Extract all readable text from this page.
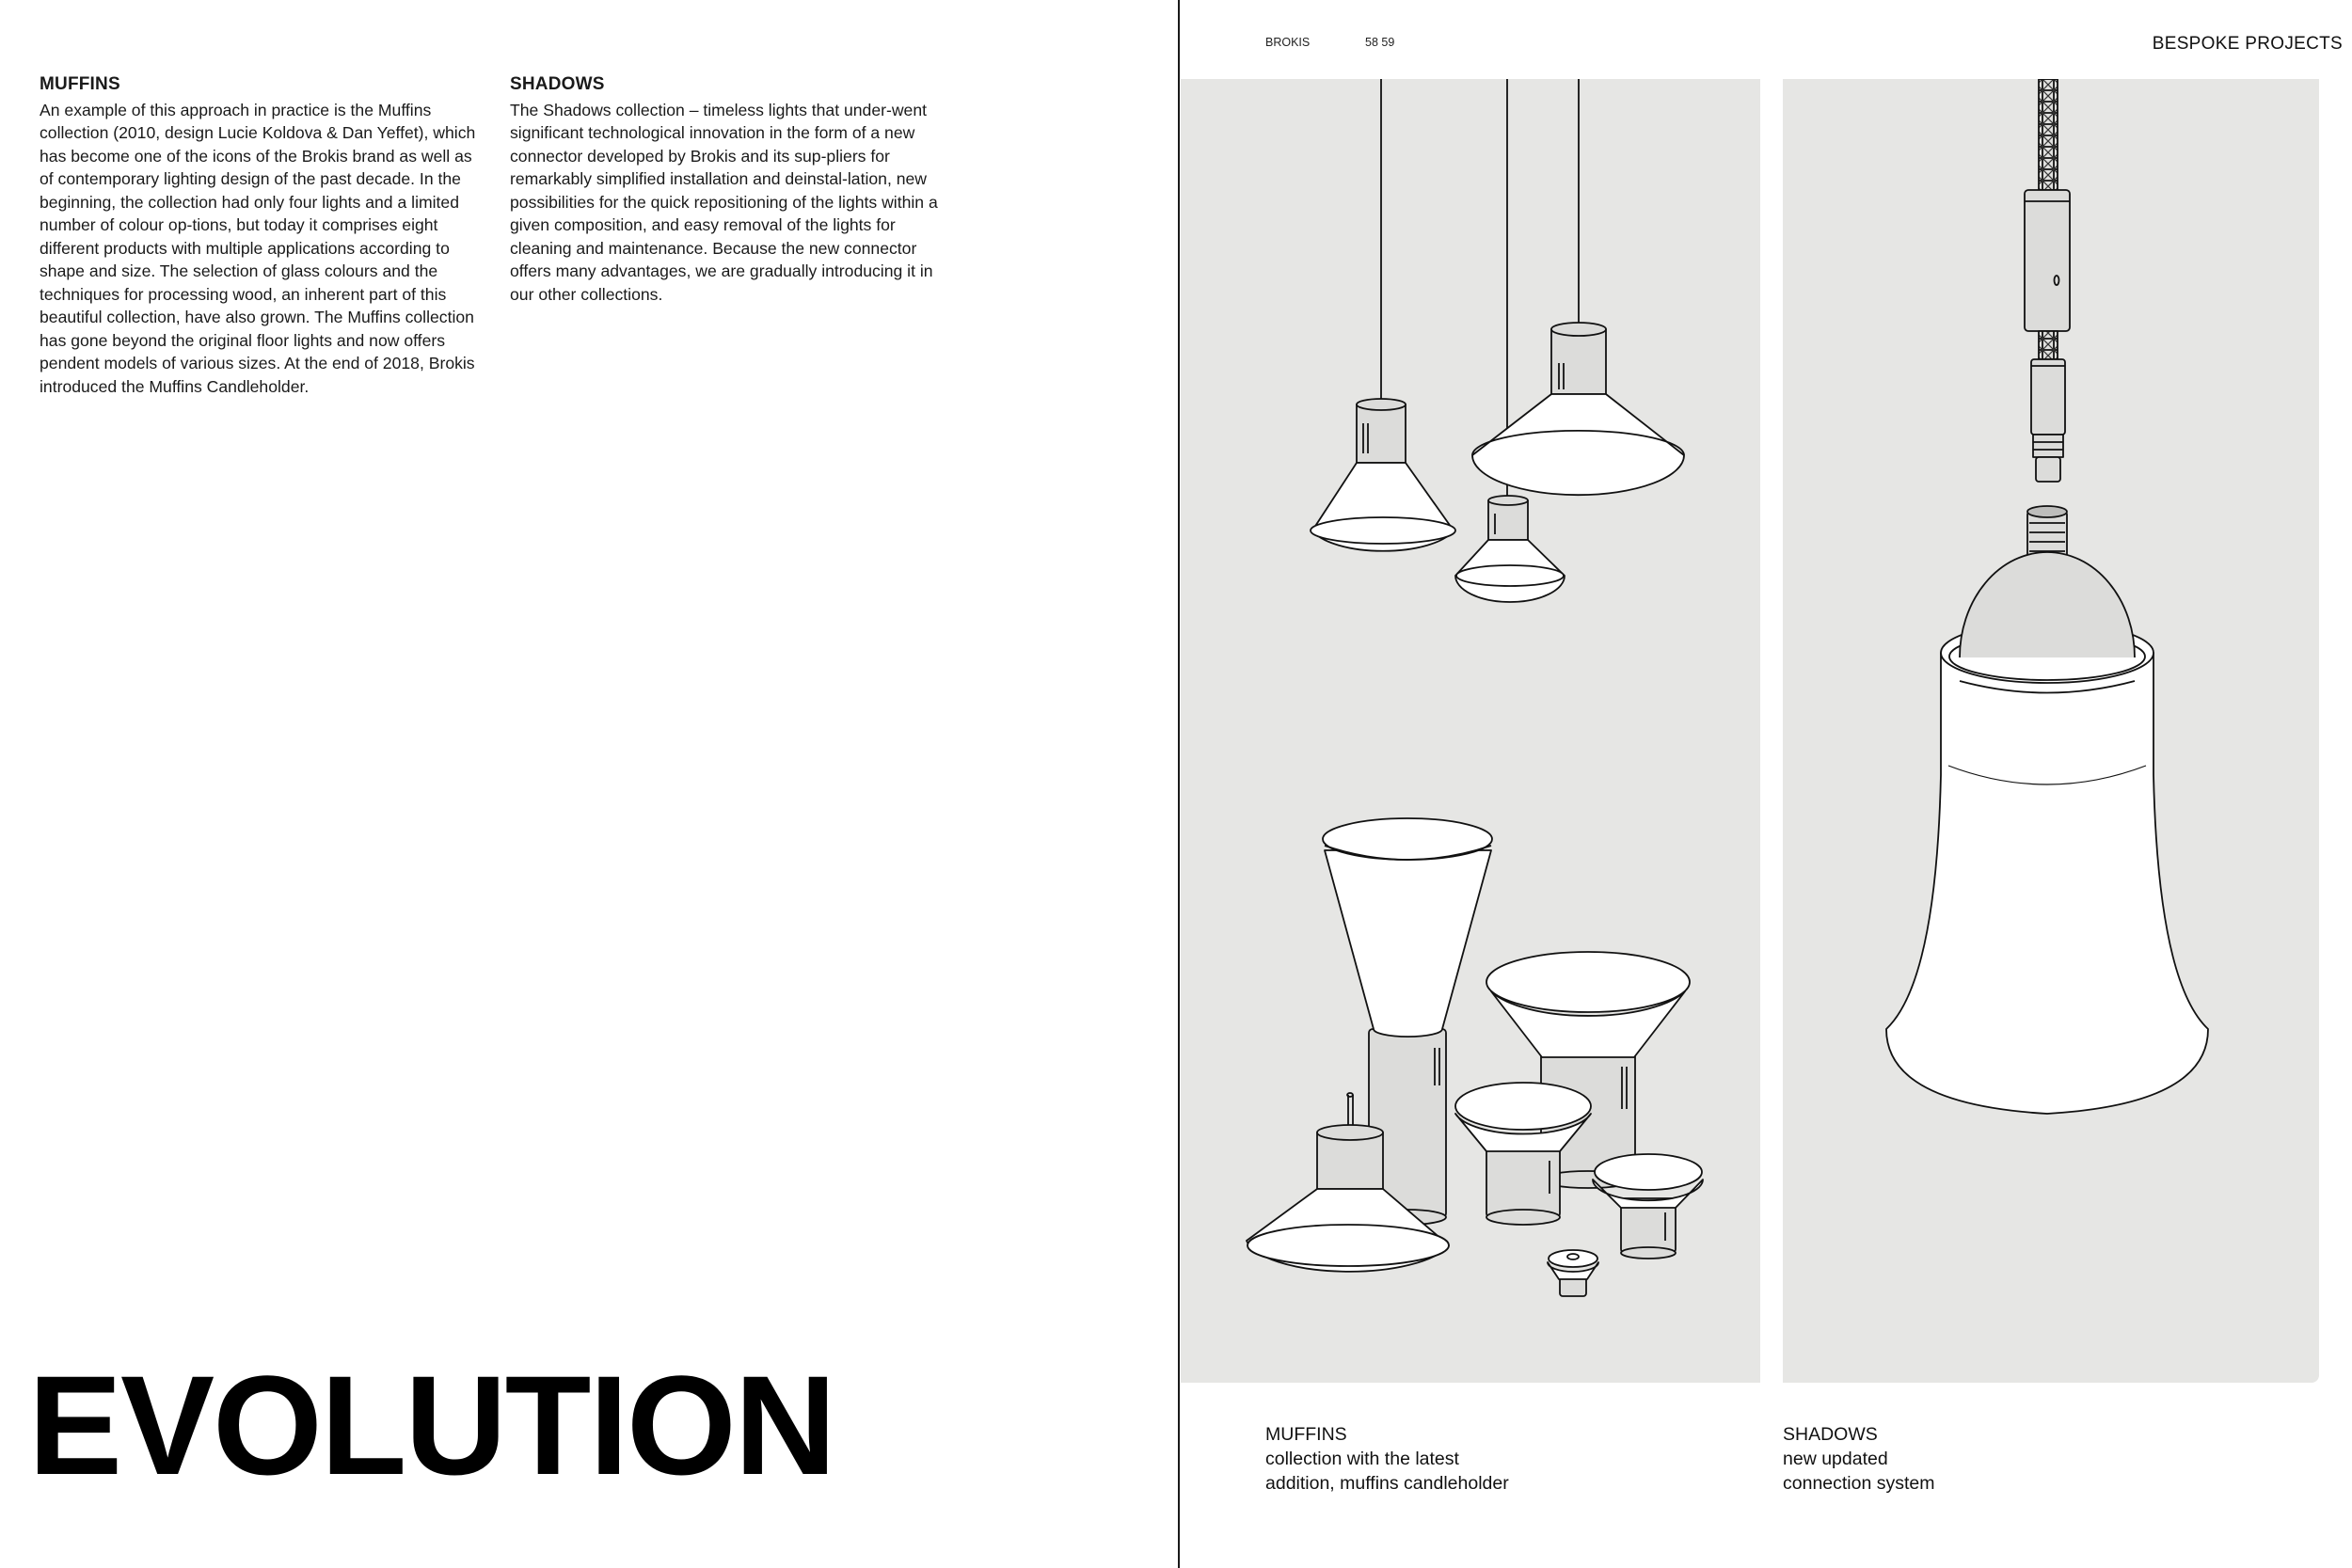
MUFFINS

An example of this approach in practice is the Muffins collection (2010, design Lucie Koldova & Dan Yeffet), which has become one of the icons of the Brokis brand as well as of contemporary lighting design of the past decade. In the beginning, the collection had only four lights and a limited number of colour op-tions, but today it comprises eight different products with multiple applications according to shape and size. The selection of glass colours and the techniques for processing wood, an inherent part of this beautiful collection, have also grown. The Muffins collection has gone beyond the original floor lights and now offers pendent models of various sizes. At the end of 2018, Brokis introduced the Muffins Candleholder.

SHADOWS

The Shadows collection – timeless lights that under-went significant technological innovation in the form of a new connector developed by Brokis and its sup-pliers for remarkably simplified installation and deinstal-lation, new possibilities for the quick repositioning of the lights within a given composition, and easy removal of the lights for cleaning and maintenance. Because the new connector offers many advantages, we are gradually introducing it in our other collections.

EVOLUTION
BROKIS	58 59	BESPOKE PROJECTS
MUFFINS
collection with the latest
addition, muffins candleholder
SHADOWS
new updated
connection system
